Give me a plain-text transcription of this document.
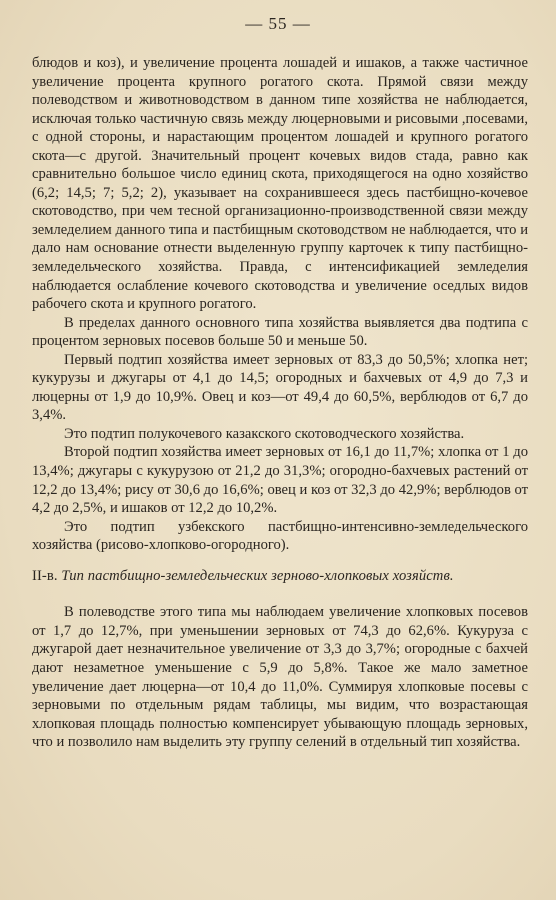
— 55 —

блюдов и коз), и увеличение процента лошадей и ишаков, а также частичное увеличение процента крупного рогатого скота. Прямой связи между полеводством и животноводством в данном типе хозяйства не наблюдается, исключая только частичную связь между люцерновыми и рисовыми ,посевами, с одной стороны, и нарастающим процентом лошадей и крупного рогатого скота—с другой. Значительный процент кочевых видов стада, равно как сравнительно большое число единиц скота, приходящегося на одно хозяйство (6,2; 14,5; 7; 5,2; 2), указывает на сохранившееся здесь пастбищно-кочевое скотоводство, при чем тесной организационно-производственной связи между земледелием данного типа и пастбищным скотоводством не наблюдается, что и дало нам основание отнести выделенную группу карточек к типу пастбищно-земледельческого хозяйства. Правда, с интенсификацией земледелия наблюдается ослабление кочевого скотоводства и увеличение оседлых видов рабочего скота и крупного рогатого.

В пределах данного основного типа хозяйства выявляется два подтипа с процентом зерновых посевов больше 50 и меньше 50.

Первый подтип хозяйства имеет зерновых от 83,3 до 50,5%; хлопка нет; кукурузы и джугары от 4,1 до 14,5; огородных и бахчевых от 4,9 до 7,3 и люцерны от 1,9 до 10,9%. Овец и коз—от 49,4 до 60,5%, верблюдов от 6,7 до 3,4%.

Это подтип полукочевого казакского скотоводческого хозяйства.

Второй подтип хозяйства имеет зерновых от 16,1 до 11,7%; хлопка от 1 до 13,4%; джугары с кукурузою от 21,2 до 31,3%; огородно-бахчевых растений от 12,2 до 13,4%; рису от 30,6 до 16,6%; овец и коз от 32,3 до 42,9%; верблюдов от 4,2 до 2,5%, и ишаков от 12,2 до 10,2%.

Это подтип узбекского пастбищно-интенсивно-земледельческого хозяйства (рисово-хлопково-огородного).

II-в. Тип пастбищно-земледельческих зерново-хлопковых хозяйств.

В полеводстве этого типа мы наблюдаем увеличение хлопковых посевов от 1,7 до 12,7%, при уменьшении зерновых от 74,3 до 62,6%. Кукуруза с джугарой дает незначительное увеличение от 3,3 до 3,7%; огородные с бахчей дают незаметное уменьшение с 5,9 до 5,8%. Такое же мало заметное увеличение дает люцерна—от 10,4 до 11,0%. Суммируя хлопковые посевы с зерновыми по отдельным рядам таблицы, мы видим, что возрастающая хлопковая площадь полностью компенсирует убывающую площадь зерновых, что и позволило нам выделить эту группу селений в отдельный тип хозяйства.
